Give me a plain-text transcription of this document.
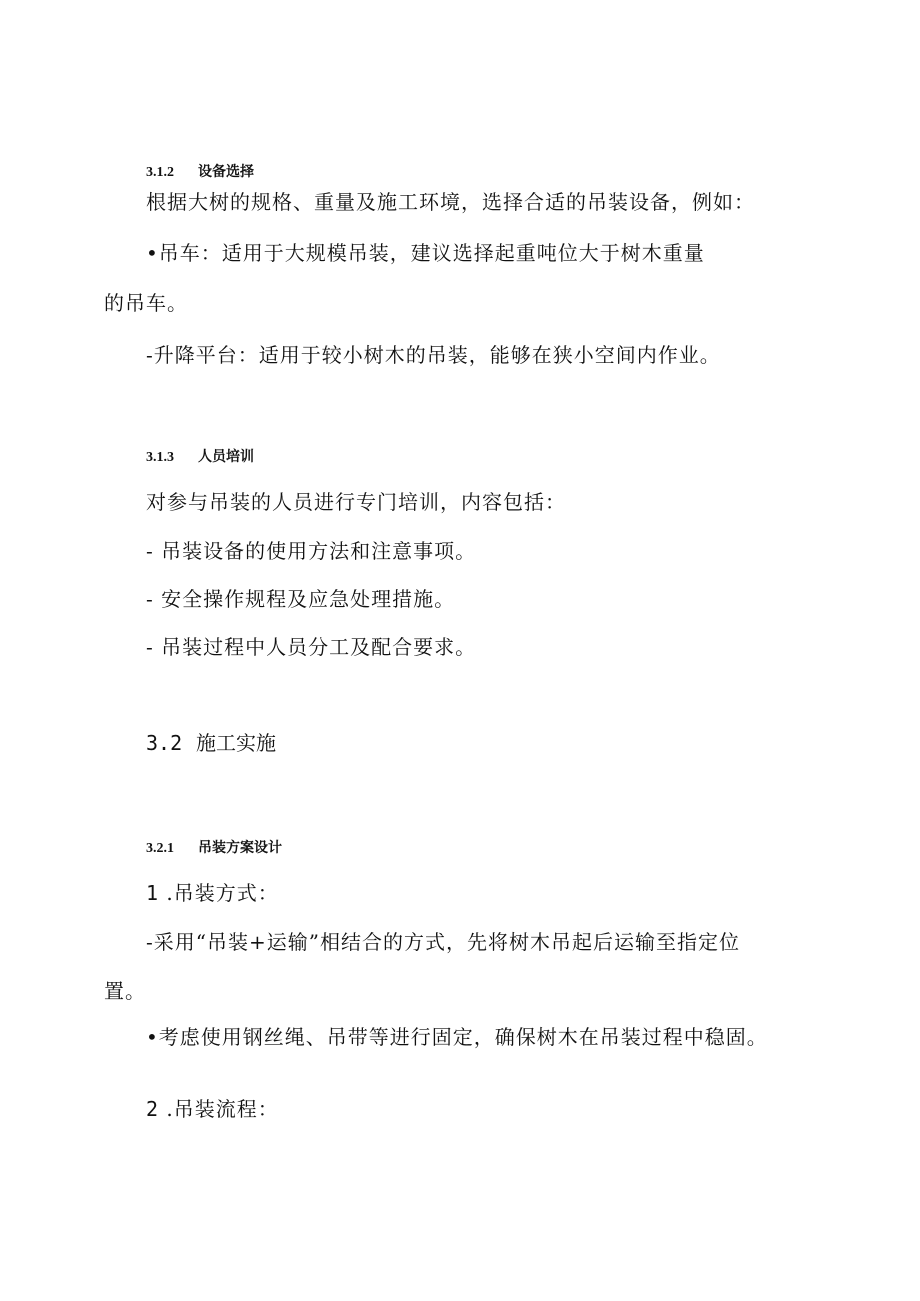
3.1.2 设备选择
根据大树的规格、重量及施工环境，选择合适的吊装设备，例如：
•吊车：适用于大规模吊装，建议选择起重吨位大于树木重量
的吊车。
-升降平台：适用于较小树木的吊装，能够在狭小空间内作业。
3.1.3 人员培训
对参与吊装的人员进行专门培训，内容包括：
- 吊装设备的使用方法和注意事项。
- 安全操作规程及应急处理措施。
- 吊装过程中人员分工及配合要求。
3.2 施工实施
3.2.1 吊装方案设计
1 .吊装方式：
-采用“吊装+运输”相结合的方式，先将树木吊起后运输至指定位
置。
•考虑使用钢丝绳、吊带等进行固定，确保树木在吊装过程中稳固。
2 .吊装流程：
